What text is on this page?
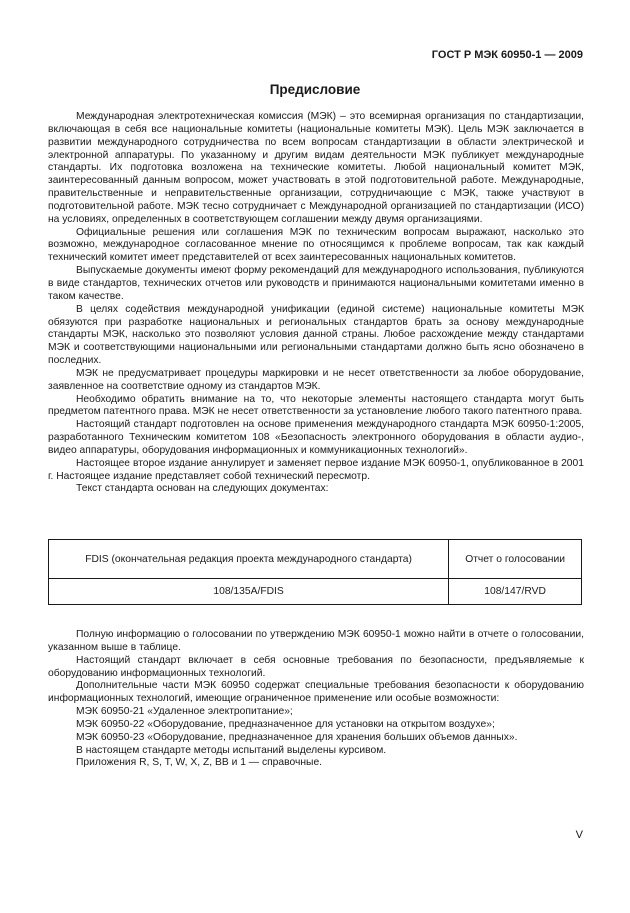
ГОСТ Р МЭК 60950-1 — 2009
Предисловие

Международная электротехническая комиссия (МЭК) – это всемирная организация по стандартизации, включающая в себя все национальные комитеты (национальные комитеты МЭК). Цель МЭК заключается в развитии международного сотрудничества по всем вопросам стандартизации в области электрической и электронной аппаратуры. По указанному и другим видам деятельности МЭК публикует международные стандарты. Их подготовка возложена на технические комитеты. Любой национальный комитет МЭК, заинтересованный данным вопросом, может участвовать в этой подготовительной работе. Международные, правительственные и неправительственные организации, сотрудничающие с МЭК, также участвуют в подготовительной работе. МЭК тесно сотрудничает с Международной организацией по стандартизации (ИСО) на условиях, определенных в соответствующем соглашении между двумя организациями.

Официальные решения или соглашения МЭК по техническим вопросам выражают, насколько это возможно, международное согласованное мнение по относящимся к проблеме вопросам, так как каждый технический комитет имеет представителей от всех заинтересованных национальных комитетов.

Выпускаемые документы имеют форму рекомендаций для международного использования, публикуются в виде стандартов, технических отчетов или руководств и принимаются национальными комитетами именно в таком качестве.

В целях содействия международной унификации (единой системе) национальные комитеты МЭК обязуются при разработке национальных и региональных стандартов брать за основу международные стандарты МЭК, насколько это позволяют условия данной страны. Любое расхождение между стандартами МЭК и соответствующими национальными или региональными стандартами должно быть ясно обозначено в последних.

МЭК не предусматривает процедуры маркировки и не несет ответственности за любое оборудование, заявленное на соответствие одному из стандартов МЭК.

Необходимо обратить внимание на то, что некоторые элементы настоящего стандарта могут быть предметом патентного права. МЭК не несет ответственности за установление любого такого патентного права.

Настоящий стандарт подготовлен на основе применения международного стандарта МЭК 60950-1:2005, разработанного Техническим комитетом 108 «Безопасность электронного оборудования в области аудио-, видео аппаратуры, оборудования информационных и коммуникационных технологий».

Настоящее второе издание аннулирует и заменяет первое издание МЭК 60950-1, опубликованное в 2001 г. Настоящее издание представляет собой технический пересмотр.

Текст стандарта основан на следующих документах:

FDIS (окончательная редакция проекта международного стандарта)	Отчет о голосовании
108/135A/FDIS	108/147/RVD

Полную информацию о голосовании по утверждению МЭК 60950-1 можно найти в отчете о голосовании, указанном выше в таблице.

Настоящий стандарт включает в себя основные требования по безопасности, предъявляемые к оборудованию информационных технологий.

Дополнительные части МЭК 60950 содержат специальные требования безопасности к оборудованию информационных технологий, имеющие ограниченное применение или особые возможности:

МЭК 60950-21 «Удаленное электропитание»;

МЭК 60950-22 «Оборудование, предназначенное для установки на открытом воздухе»;

МЭК 60950-23 «Оборудование, предназначенное для хранения больших объемов данных».

В настоящем стандарте методы испытаний выделены курсивом.

Приложения R, S, T, W, X, Z, BB и 1 — справочные.

V
